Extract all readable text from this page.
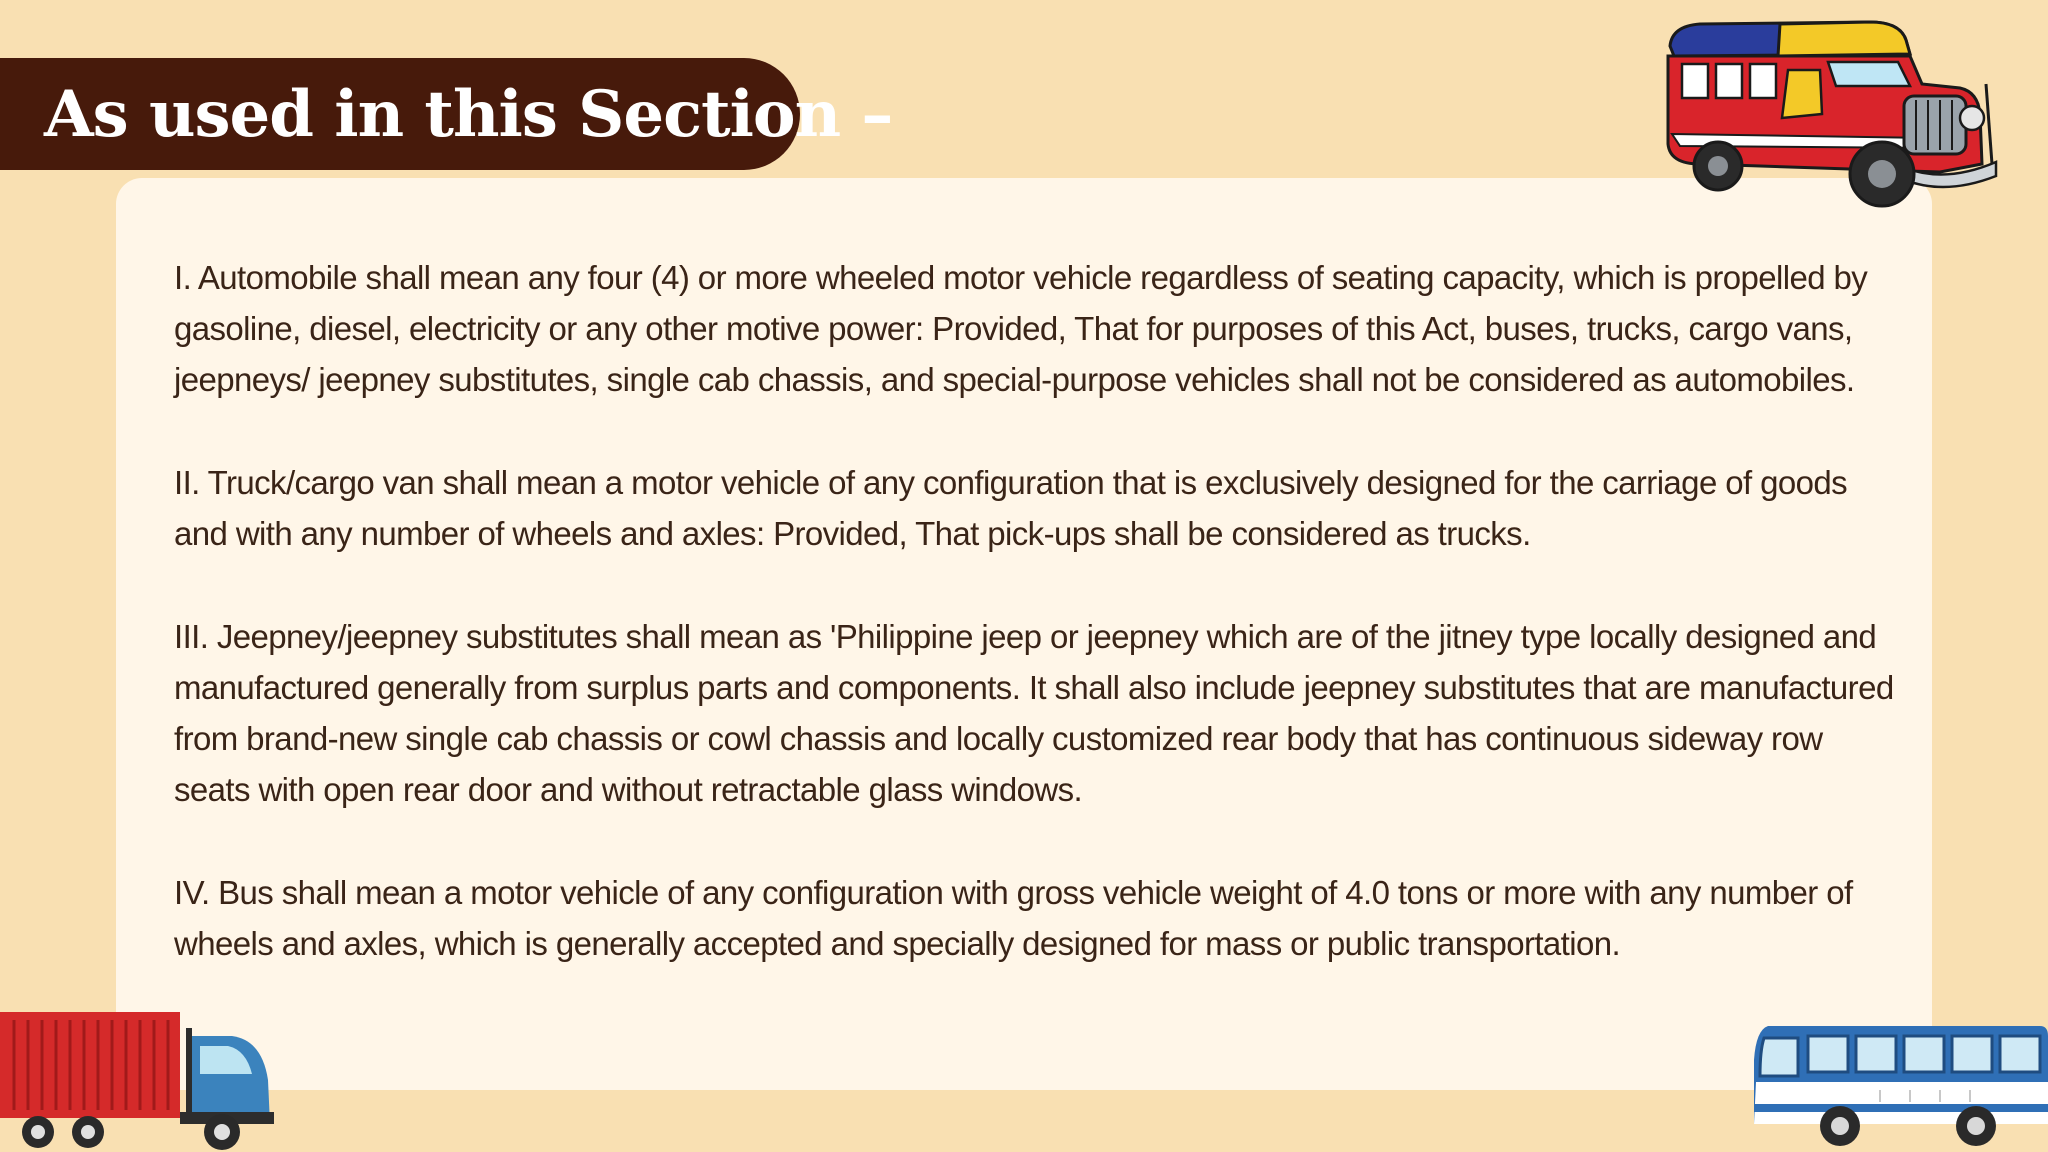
As used in this Section –

I. Automobile shall mean any four (4) or more wheeled motor vehicle regardless of seating capacity, which is propelled by gasoline, diesel, electricity or any other motive power: Provided, That for purposes of this Act, buses, trucks, cargo vans, jeepneys/ jeepney substitutes, single cab chassis, and special-purpose vehicles shall not be considered as automobiles.

II. Truck/cargo van shall mean a motor vehicle of any configuration that is exclusively designed for the carriage of goods and with any number of wheels and axles: Provided, That pick-ups shall be considered as trucks.

III. Jeepney/jeepney substitutes shall mean as 'Philippine jeep or jeepney which are of the jitney type locally designed and manufactured generally from surplus parts and components. It shall also include jeepney substitutes that are manufactured from brand-new single cab chassis or cowl chassis and locally customized rear body that has continuous sideway row seats with open rear door and without retractable glass windows.

IV. Bus shall mean a motor vehicle of any configuration with gross vehicle weight of 4.0 tons or more with any number of wheels and axles, which is generally accepted and specially designed for mass or public transportation.
